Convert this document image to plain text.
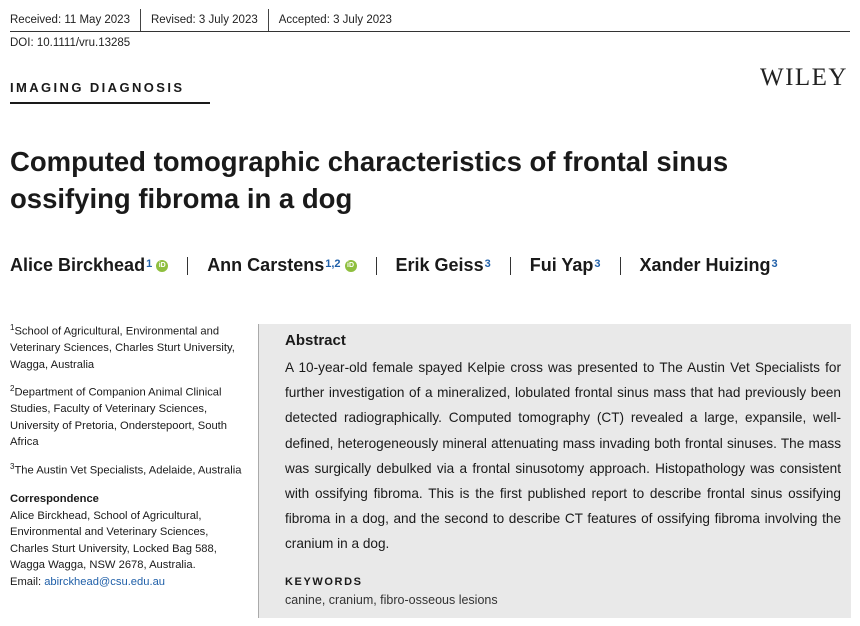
Received: 11 May 2023 Revised: 3 July 2023 Accepted: 3 July 2023
DOI: 10.1111/vru.13285
IMAGING DIAGNOSIS	WILEY
Computed tomographic characteristics of frontal sinus ossifying fibroma in a dog
Alice Birckhead$^1$ iD Ann Carstens$^{1,2}$ iD Erik Geiss$^3$ Fui Yap$^3$ Xander Huizing$^3$
$^1$School of Agricultural, Environmental and Veterinary Sciences, Charles Sturt University, Wagga, Australia
$^2$Department of Companion Animal Clinical Studies, Faculty of Veterinary Sciences, University of Pretoria, Onderstepoort, South Africa
$^3$The Austin Vet Specialists, Adelaide, Australia
Correspondence
Alice Birckhead, School of Agricultural, Environmental and Veterinary Sciences, Charles Sturt University, Locked Bag 588, Wagga Wagga, NSW 2678, Australia.
Email: abirckhead@csu.edu.au
Abstract

A 10-year-old female spayed Kelpie cross was presented to The Austin Vet Specialists for further investigation of a mineralized, lobulated frontal sinus mass that had previously been detected radiographically. Computed tomography (CT) revealed a large, expansile, well-defined, heterogeneously mineral attenuating mass invading both frontal sinuses. The mass was surgically debulked via a frontal sinusotomy approach. Histopathology was consistent with ossifying fibroma. This is the first published report to describe frontal sinus ossifying fibroma in a dog, and the second to describe CT features of ossifying fibroma involving the cranium in a dog.

KEYWORDS
canine, cranium, fibro-osseous lesions
